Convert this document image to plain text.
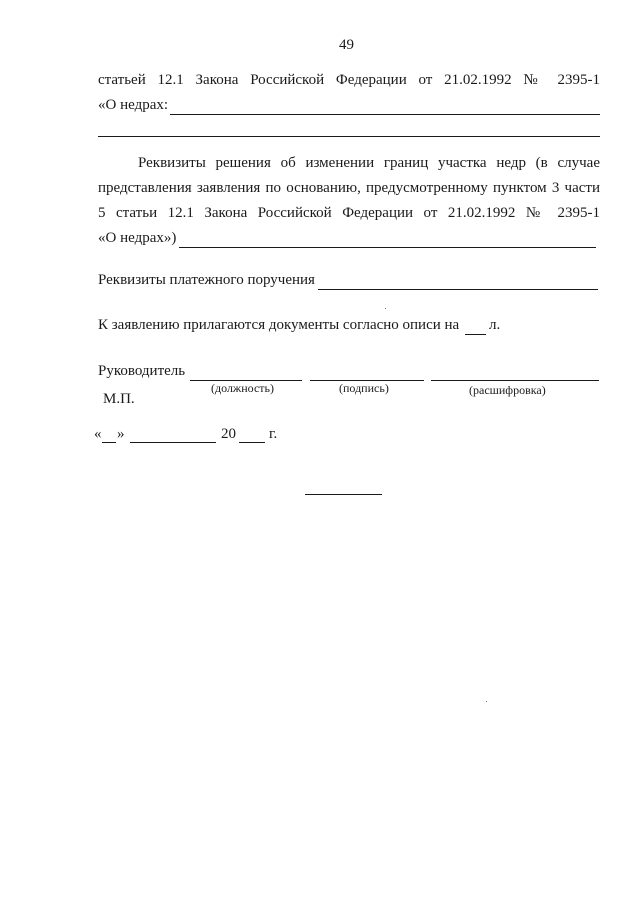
49
статьей 12.1 Закона Российской Федерации от 21.02.1992 № 2395-1
«О недрах:
Реквизиты решения об изменении границ участка недр (в случае
представления заявления по основанию, предусмотренному пунктом 3 части
5 статьи 12.1 Закона Российской Федерации от 21.02.1992 № 2395-1
«О недрах»)
Реквизиты платежного поручения
К заявлению прилагаются документы согласно описи на л.
Руководитель
(должность)	(подпись)	(расшифровка)
М.П.
« »	20 г.
